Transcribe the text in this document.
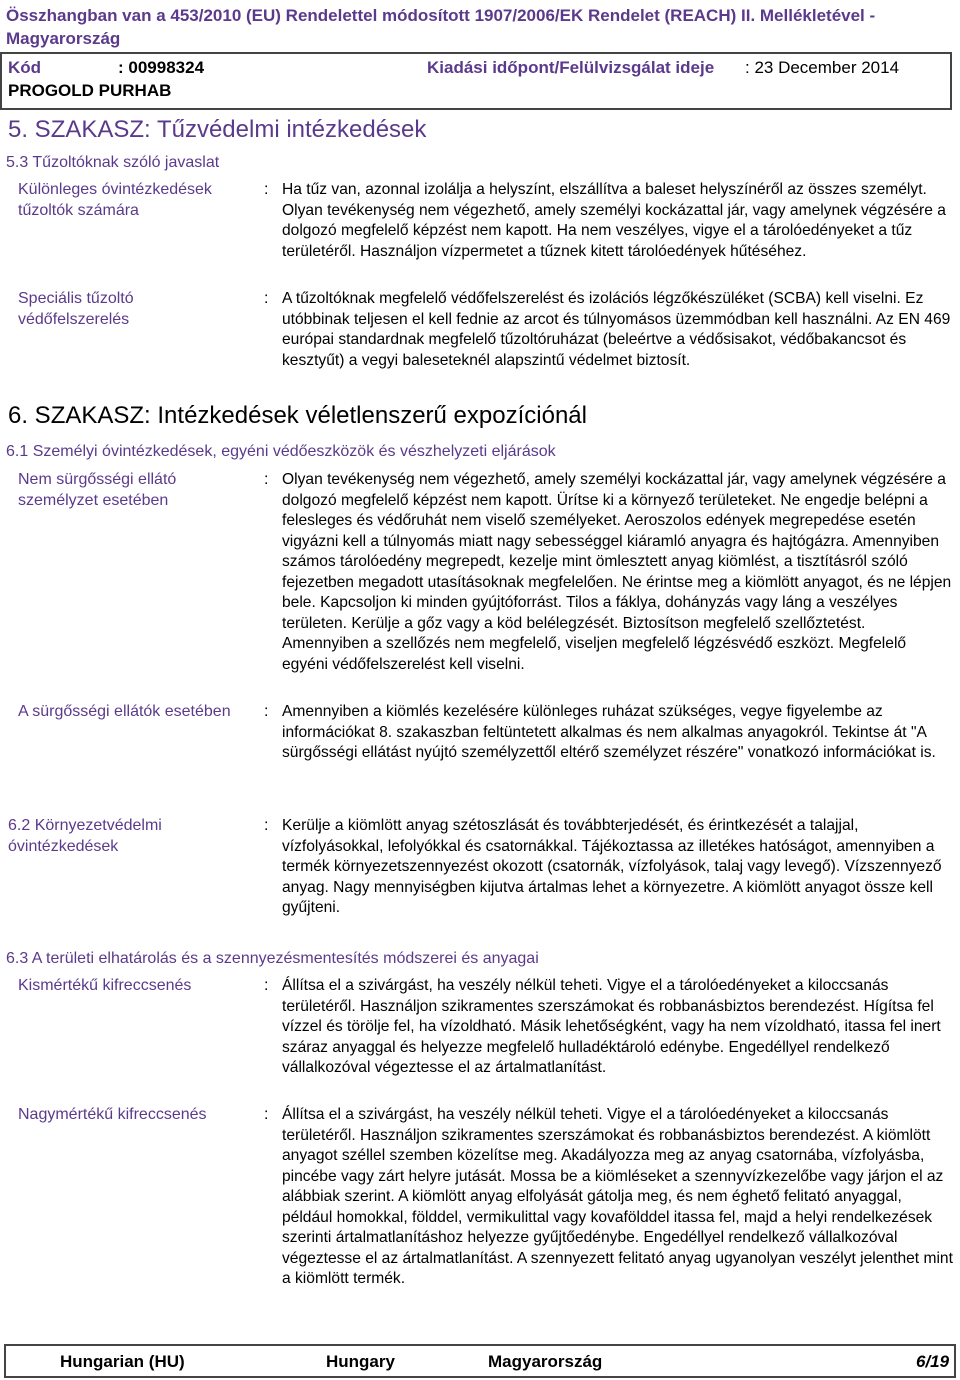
Összhangban van a 453/2010 (EU) Rendelettel módosított 1907/2006/EK Rendelet (REACH) II. Mellékletével - Magyarország
Kód	: 00998324	Kiadási időpont/Felülvizsgálat ideje : 23 December 2014
PROGOLD PURHAB
5. SZAKASZ: Tűzvédelmi intézkedések
5.3 Tűzoltóknak szóló javaslat
Különleges óvintézkedések tűzoltók számára
: Ha tűz van, azonnal izolálja a helyszínt, elszállítva a baleset helyszínéről az összes személyt. Olyan tevékenység nem végezhető, amely személyi kockázattal jár, vagy amelynek végzésére a dolgozó megfelelő képzést nem kapott. Ha nem veszélyes, vigye el a tárolóedényeket a tűz területéről. Használjon vízpermetet a tűznek kitett tárolóedények hűtéséhez.
Speciális tűzoltó védőfelszerelés
: A tűzoltóknak megfelelő védőfelszerelést és izolációs légzőkészüléket (SCBA) kell viselni. Ez utóbbinak teljesen el kell fednie az arcot és túlnyomásos üzemmódban kell használni. Az EN 469 európai standardnak megfelelő tűzoltóruházat (beleértve a védősisakot, védőbakancsot és kesztyűt) a vegyi baleseteknél alapszintű védelmet biztosít.
6. SZAKASZ: Intézkedések véletlenszerű expozíciónál
6.1 Személyi óvintézkedések, egyéni védőeszközök és vészhelyzeti eljárások
Nem sürgősségi ellátó személyzet esetében
: Olyan tevékenység nem végezhető, amely személyi kockázattal jár, vagy amelynek végzésére a dolgozó megfelelő képzést nem kapott. Ürítse ki a környező területeket. Ne engedje belépni a felesleges és védőruhát nem viselő személyeket. Aeroszolos edények megrepedése esetén vigyázni kell a túlnyomás miatt nagy sebességgel kiáramló anyagra és hajtógázra. Amennyiben számos tárolóedény megrepedt, kezelje mint ömlesztett anyag kiömlést, a tisztításról szóló fejezetben megadott utasításoknak megfelelően. Ne érintse meg a kiömlött anyagot, és ne lépjen bele. Kapcsoljon ki minden gyújtóforrást. Tilos a fáklya, dohányzás vagy láng a veszélyes területen. Kerülje a gőz vagy a köd belélegzését. Biztosítson megfelelő szellőztetést. Amennyiben a szellőzés nem megfelelő, viseljen megfelelő légzésvédő eszközt. Megfelelő egyéni védőfelszerelést kell viselni.
A sürgősségi ellátók esetében	: Amennyiben a kiömlés kezelésére különleges ruházat szükséges, vegye figyelembe az információkat 8. szakaszban feltüntetett alkalmas és nem alkalmas anyagokról. Tekintse át "A sürgősségi ellátást nyújtó személyzettől eltérő személyzet részére" vonatkozó információkat is.
6.2 Környezetvédelmi óvintézkedések
: Kerülje a kiömlött anyag szétoszlását és továbbterjedését, és érintkezését a talajjal, vízfolyásokkal, lefolyókkal és csatornákkal. Tájékoztassa az illetékes hatóságot, amennyiben a termék környezetszennyezést okozott (csatornák, vízfolyások, talaj vagy levegő). Vízszennyező anyag. Nagy mennyiségben kijutva ártalmas lehet a környezetre. A kiömlött anyagot össze kell gyűjteni.
6.3 A területi elhatárolás és a szennyezésmentesítés módszerei és anyagai
Kismértékű kifreccsenés	: Állítsa el a szivárgást, ha veszély nélkül teheti. Vigye el a tárolóedényeket a kiloccsanás területéről. Használjon szikramentes szerszámokat és robbanásbiztos berendezést. Hígítsa fel vízzel és törölje fel, ha vízoldható. Másik lehetőségként, vagy ha nem vízoldható, itassa fel inert száraz anyaggal és helyezze megfelelő hulladéktároló edénybe. Engedéllyel rendelkező vállalkozóval végeztesse el az ártalmatlanítást.
Nagymértékű kifreccsenés	: Állítsa el a szivárgást, ha veszély nélkül teheti. Vigye el a tárolóedényeket a kiloccsanás területéről. Használjon szikramentes szerszámokat és robbanásbiztos berendezést. A kiömlött anyagot széllel szemben közelítse meg. Akadályozza meg az anyag csatornába, vízfolyásba, pincébe vagy zárt helyre jutását. Mossa be a kiömléseket a szennyvízkezelőbe vagy járjon el az alábbiak szerint. A kiömlött anyag elfolyását gátolja meg, és nem éghető felitató anyaggal, például homokkal, földdel, vermikulittal vagy kovafölddel itassa fel, majd a helyi rendelkezések szerinti ártalmatlanításhoz helyezze gyűjtőedénybe. Engedéllyel rendelkező vállalkozóval végeztesse el az ártalmatlanítást. A szennyezett felitató anyag ugyanolyan veszélyt jelenthet mint a kiömlött termék.
Hungarian (HU)	Hungary	Magyarország	6/19
